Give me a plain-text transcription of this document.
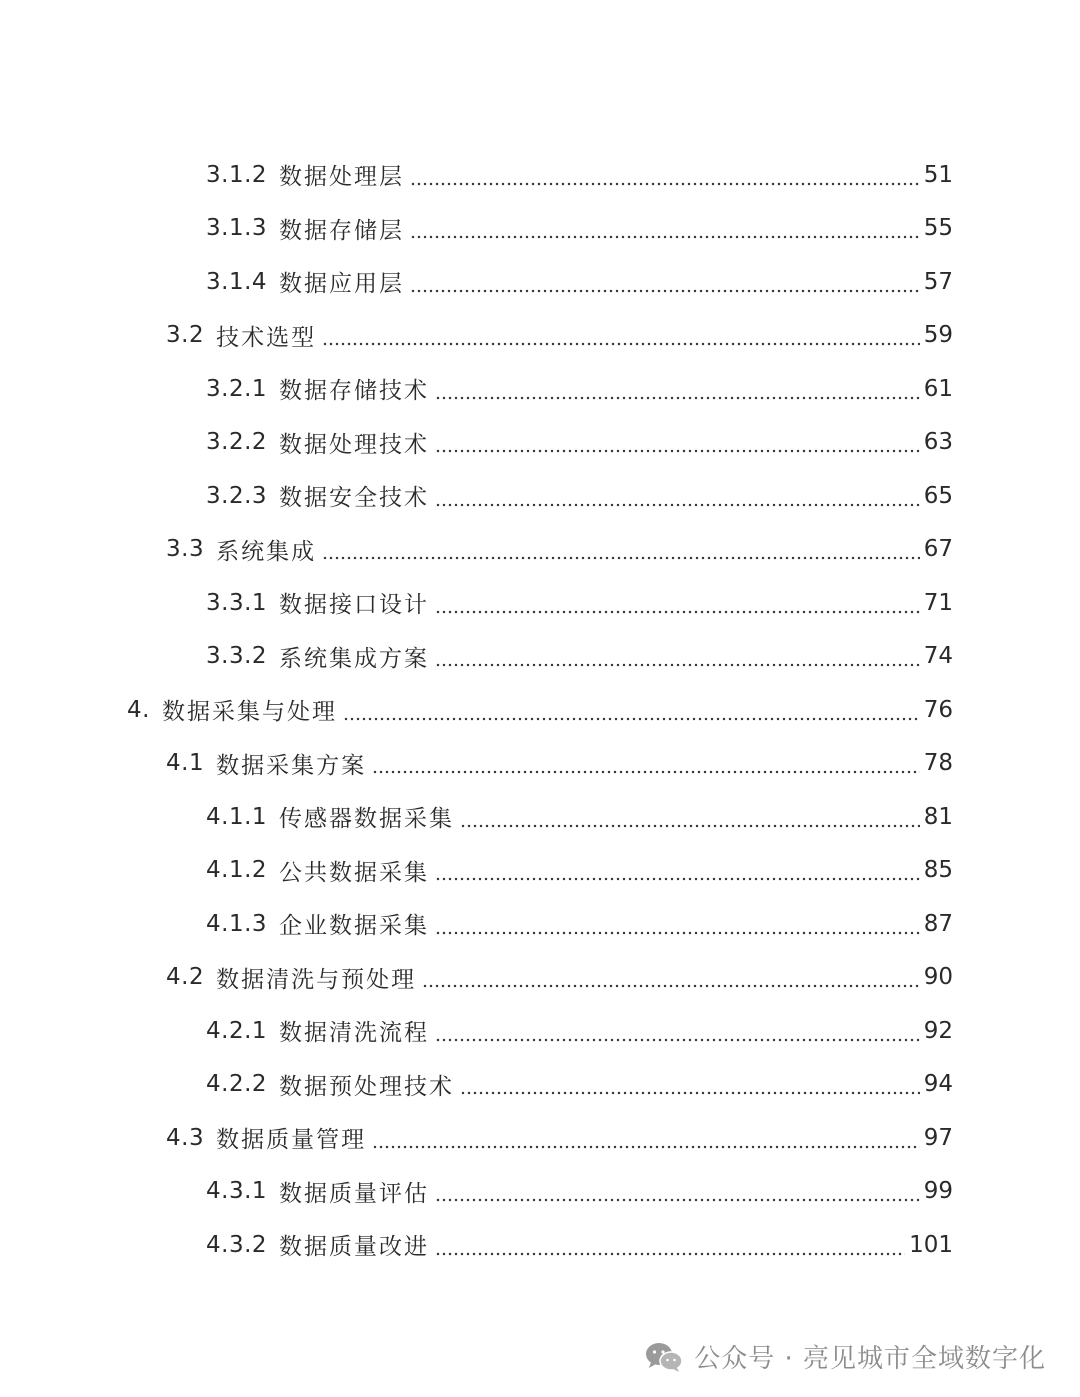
3.1.2 数据处理层	51
3.1.3 数据存储层	55
3.1.4 数据应用层	57
3.2 技术选型	59
3.2.1 数据存储技术	61
3.2.2 数据处理技术	63
3.2.3 数据安全技术	65
3.3 系统集成	67
3.3.1 数据接口设计	71
3.3.2 系统集成方案	74
4. 数据采集与处理	76
4.1 数据采集方案	78
4.1.1 传感器数据采集	81
4.1.2 公共数据采集	85
4.1.3 企业数据采集	87
4.2 数据清洗与预处理	90
4.2.1 数据清洗流程	92
4.2.2 数据预处理技术	94
4.3 数据质量管理	97
4.3.1 数据质量评估	99
4.3.2 数据质量改进	101
公众号 · 亮见城市全域数字化
